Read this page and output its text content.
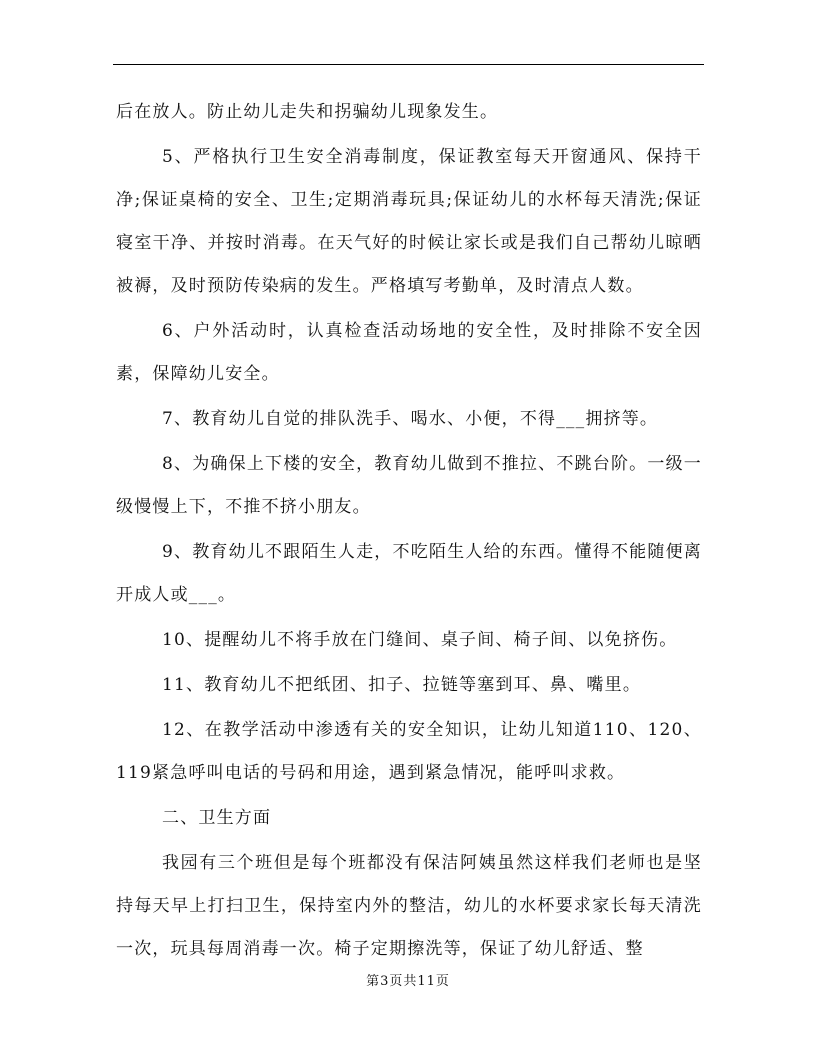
后在放人。防止幼儿走失和拐骗幼儿现象发生。

5、严格执行卫生安全消毒制度，保证教室每天开窗通风、保持干净;保证桌椅的安全、卫生;定期消毒玩具;保证幼儿的水杯每天清洗;保证寝室干净、并按时消毒。在天气好的时候让家长或是我们自己帮幼儿晾晒被褥，及时预防传染病的发生。严格填写考勤单，及时清点人数。

6、户外活动时，认真检查活动场地的安全性，及时排除不安全因素，保障幼儿安全。

7、教育幼儿自觉的排队洗手、喝水、小便，不得___拥挤等。

8、为确保上下楼的安全，教育幼儿做到不推拉、不跳台阶。一级一级慢慢上下，不推不挤小朋友。

9、教育幼儿不跟陌生人走，不吃陌生人给的东西。懂得不能随便离开成人或___。

10、提醒幼儿不将手放在门缝间、桌子间、椅子间、以免挤伤。

11、教育幼儿不把纸团、扣子、拉链等塞到耳、鼻、嘴里。

12、在教学活动中渗透有关的安全知识，让幼儿知道110、120、119紧急呼叫电话的号码和用途，遇到紧急情况，能呼叫求救。

二、卫生方面

我园有三个班但是每个班都没有保洁阿姨虽然这样我们老师也是坚持每天早上打扫卫生，保持室内外的整洁，幼儿的水杯要求家长每天清洗一次，玩具每周消毒一次。椅子定期擦洗等，保证了幼儿舒适、整

第3页共11页
